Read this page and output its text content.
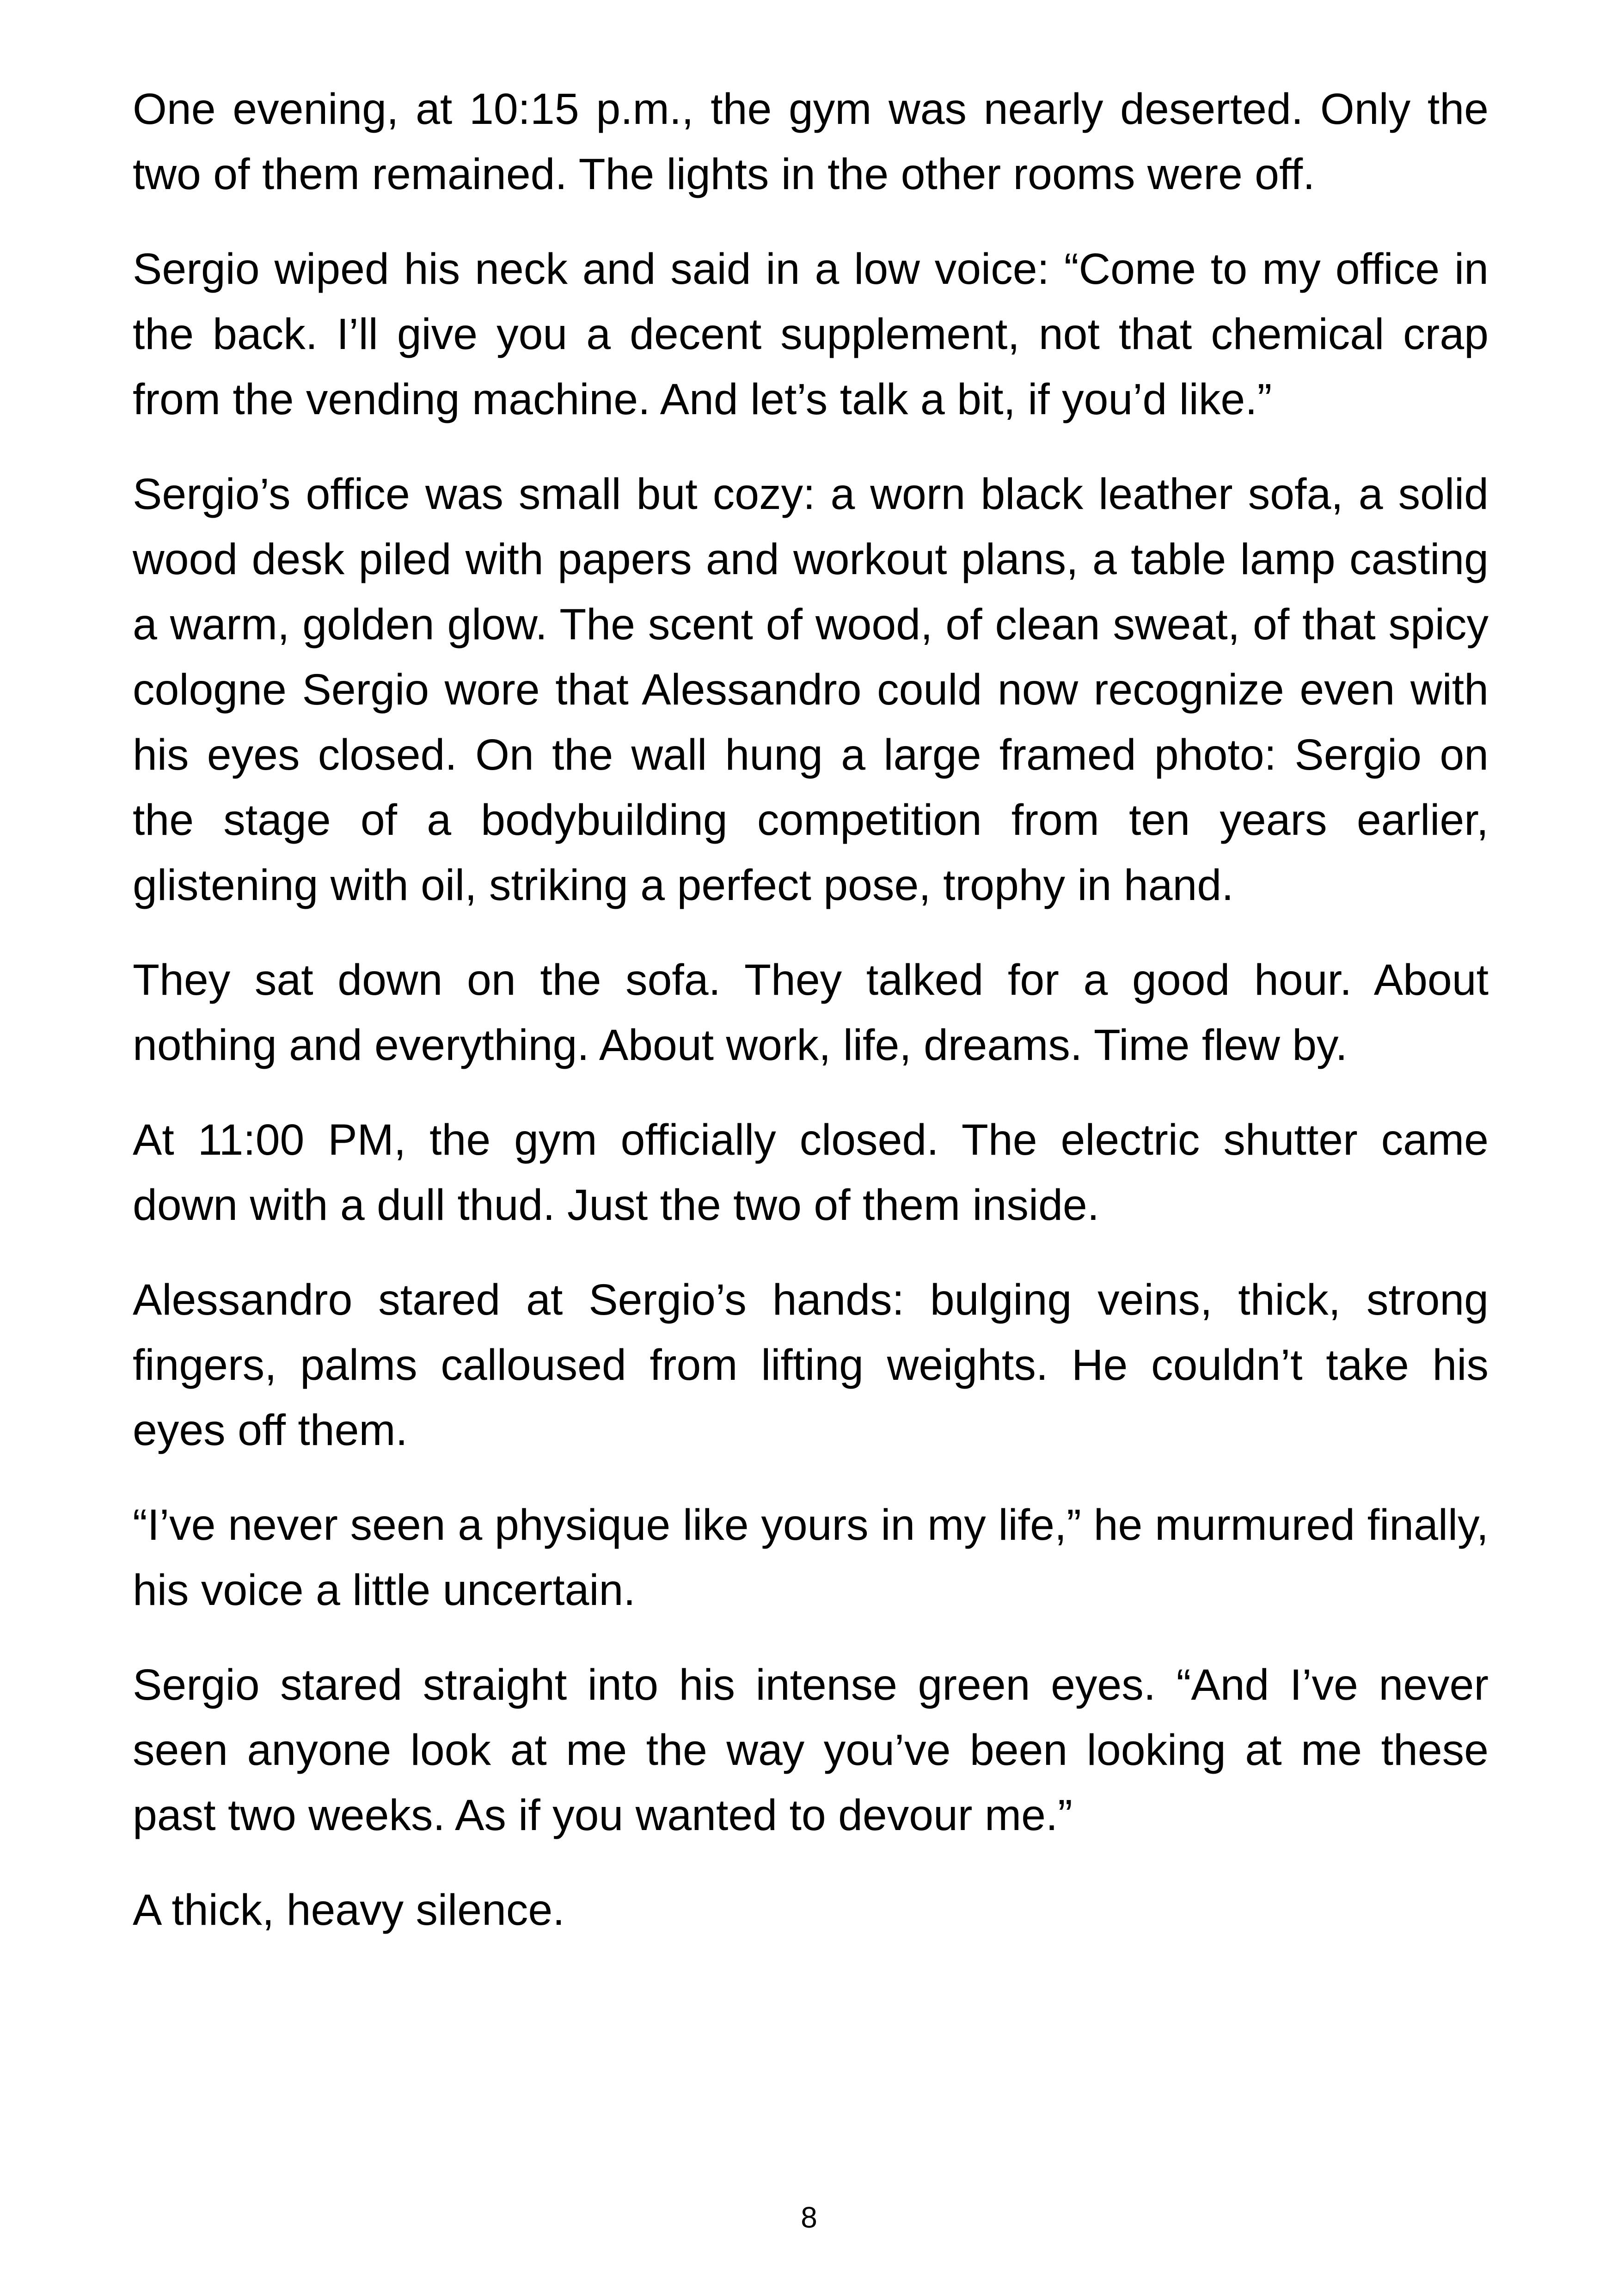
One evening, at 10:15 p.m., the gym was nearly deserted. Only the two of them remained. The lights in the other rooms were off.

Sergio wiped his neck and said in a low voice: “Come to my office in the back. I’ll give you a decent supplement, not that chemical crap from the vending machine. And let’s talk a bit, if you’d like.”

Sergio’s office was small but cozy: a worn black leather sofa, a solid wood desk piled with papers and workout plans, a table lamp casting a warm, golden glow. The scent of wood, of clean sweat, of that spicy cologne Sergio wore that Alessandro could now recognize even with his eyes closed. On the wall hung a large framed photo: Sergio on the stage of a bodybuilding competition from ten years earlier, glistening with oil, striking a perfect pose, trophy in hand.

They sat down on the sofa. They talked for a good hour. About nothing and everything. About work, life, dreams. Time flew by.

At 11:00 PM, the gym officially closed. The electric shutter came down with a dull thud. Just the two of them inside.

Alessandro stared at Sergio’s hands: bulging veins, thick, strong fingers, palms calloused from lifting weights. He couldn’t take his eyes off them.

“I’ve never seen a physique like yours in my life,” he murmured finally, his voice a little uncertain.

Sergio stared straight into his intense green eyes. “And I’ve never seen anyone look at me the way you’ve been looking at me these past two weeks. As if you wanted to devour me.”

A thick, heavy silence.

8
